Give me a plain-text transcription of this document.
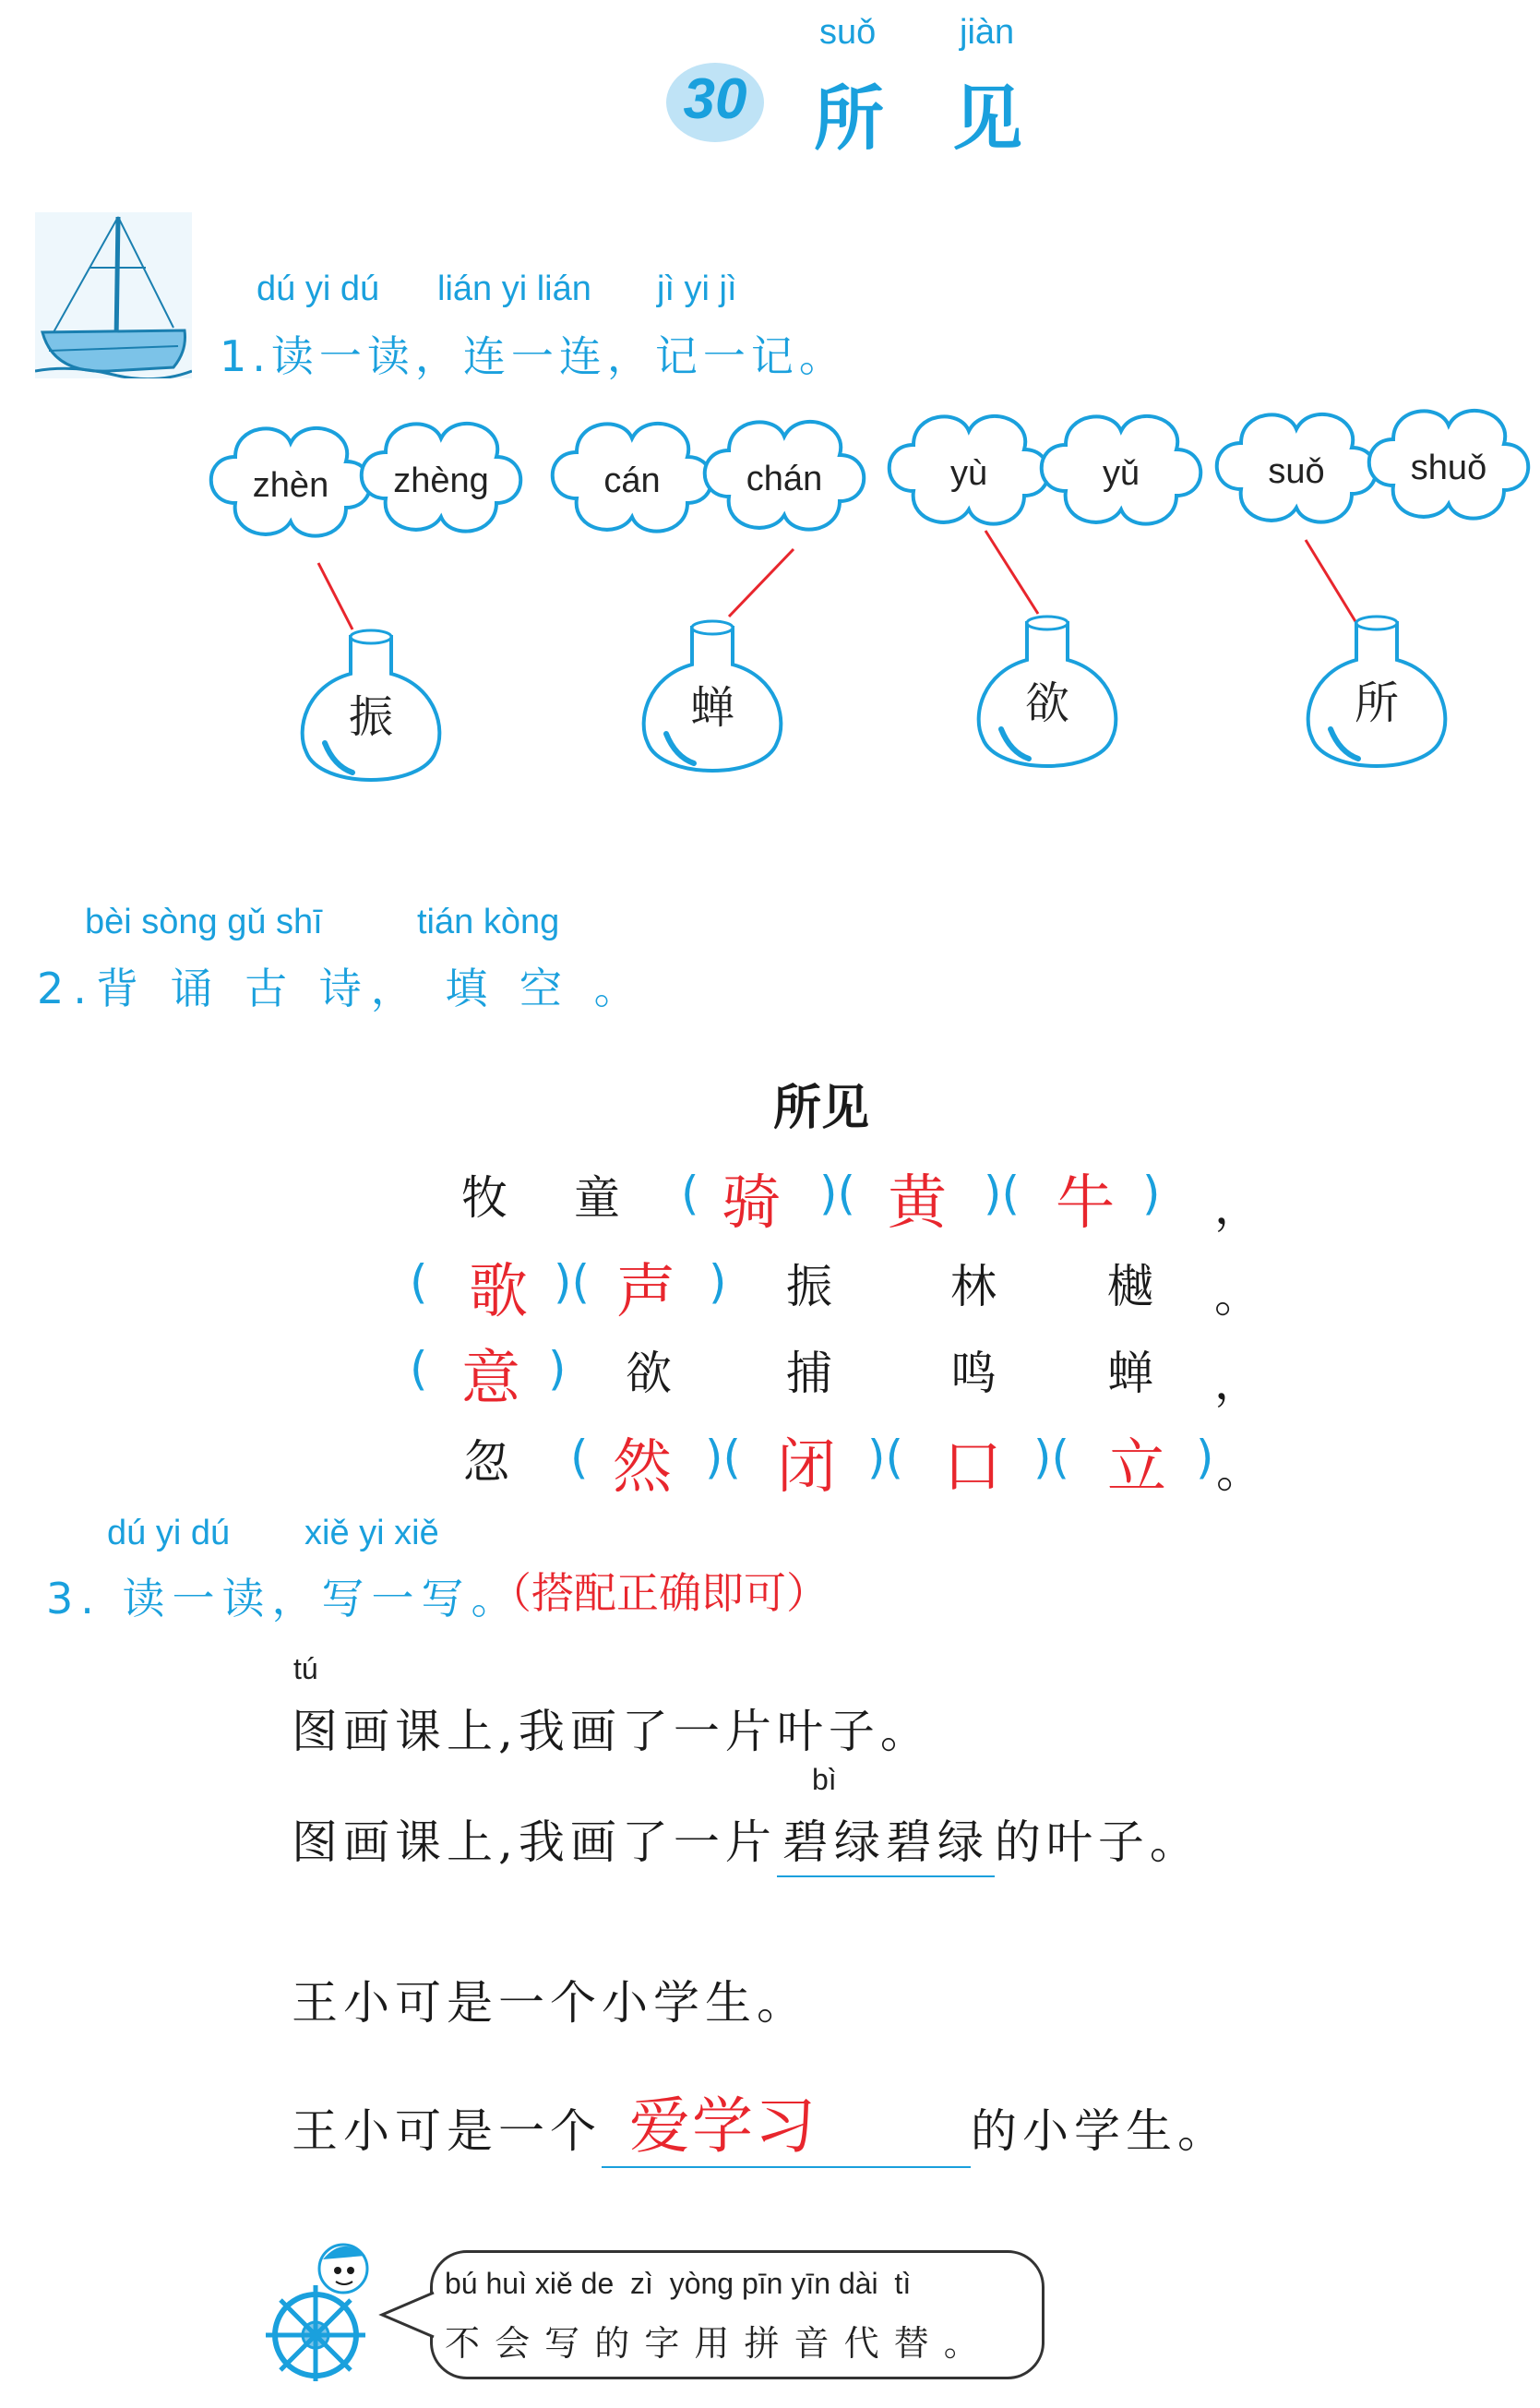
30
suǒ jiàn
所 见
dú yi dú lián yi lián jì yi jì
1.读一读，连一连，记一记。
zhèn zhèng	cán chán	yù	yǔ	suǒ shuǒ
振	蝉	欲	所
bèi sòng gǔ shī	tián kòng
2.背 诵 古 诗， 填 空 。
所见
牧 童 ( 骑 )( 黄 )( 牛 ) ，
( 歌 )( 声 ) 振	林 樾 。
( 意 ) 欲 捕	鸣 蝉 ，
忽 ( 然 )( 闭 )( 口 )( 立 ) 。
dú yi dú xiě yi xiě
3. 读一读，写一写。
（搭配正确即可）
tú
图画课上,我画了一片叶子。
bì
图画课上,我画了一片 碧绿碧绿 的叶子。
王小可是一个小学生。
王小可是一个 爱学习	的小学生。
bú huì xiě de  zì  yòng pīn yīn dài  tì
不 会 写 的 字 用 拼 音 代 替 。
